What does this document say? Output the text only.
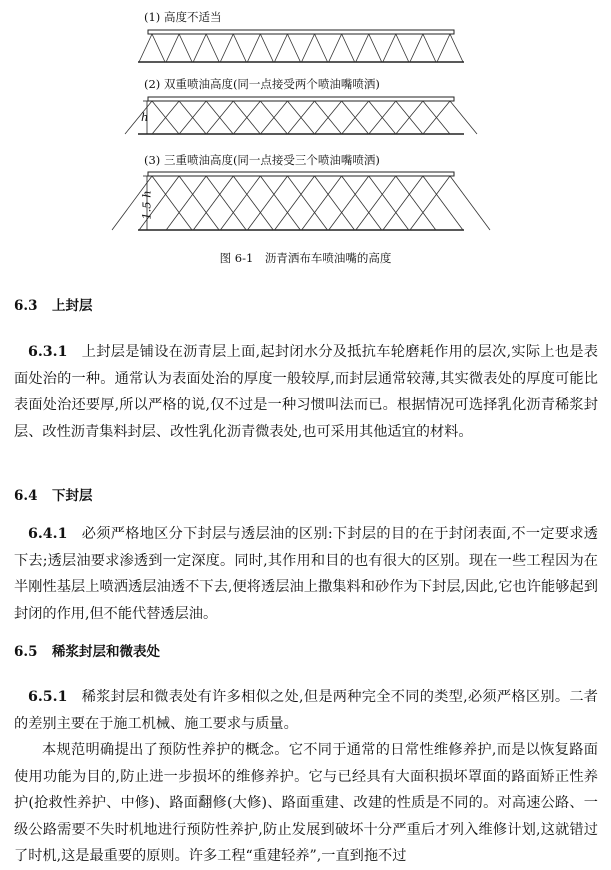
(1) 高度不适当
(2) 双重喷油高度(同一点接受两个喷油嘴喷洒)
(3) 三重喷油高度(同一点接受三个喷油嘴喷洒)
h
1.5 h
图 6-1　沥青洒布车喷油嘴的高度
6.3 上封层
6.3.1 上封层是铺设在沥青层上面,起封闭水分及抵抗车轮磨耗作用的层次,实际上也是表面处治的一种。通常认为表面处治的厚度一般较厚,而封层通常较薄,其实微表处的厚度可能比表面处治还要厚,所以严格的说,仅不过是一种习惯叫法而已。根据情况可选择乳化沥青稀浆封层、改性沥青集料封层、改性乳化沥青微表处,也可采用其他适宜的材料。
6.4 下封层
6.4.1 必须严格地区分下封层与透层油的区别:下封层的目的在于封闭表面,不一定要求透下去;透层油要求渗透到一定深度。同时,其作用和目的也有很大的区别。现在一些工程因为在半刚性基层上喷洒透层油透不下去,便将透层油上撒集料和砂作为下封层,因此,它也许能够起到封闭的作用,但不能代替透层油。
6.5 稀浆封层和微表处
6.5.1 稀浆封层和微表处有许多相似之处,但是两种完全不同的类型,必须严格区别。二者的差别主要在于施工机械、施工要求与质量。
本规范明确提出了预防性养护的概念。它不同于通常的日常性维修养护,而是以恢复路面使用功能为目的,防止进一步损坏的维修养护。它与已经具有大面积损坏罩面的路面矫正性养护(抢救性养护、中修)、路面翻修(大修)、路面重建、改建的性质是不同的。对高速公路、一级公路需要不失时机地进行预防性养护,防止发展到破坏十分严重后才列入维修计划,这就错过了时机,这是最重要的原则。许多工程“重建轻养”,一直到拖不过
